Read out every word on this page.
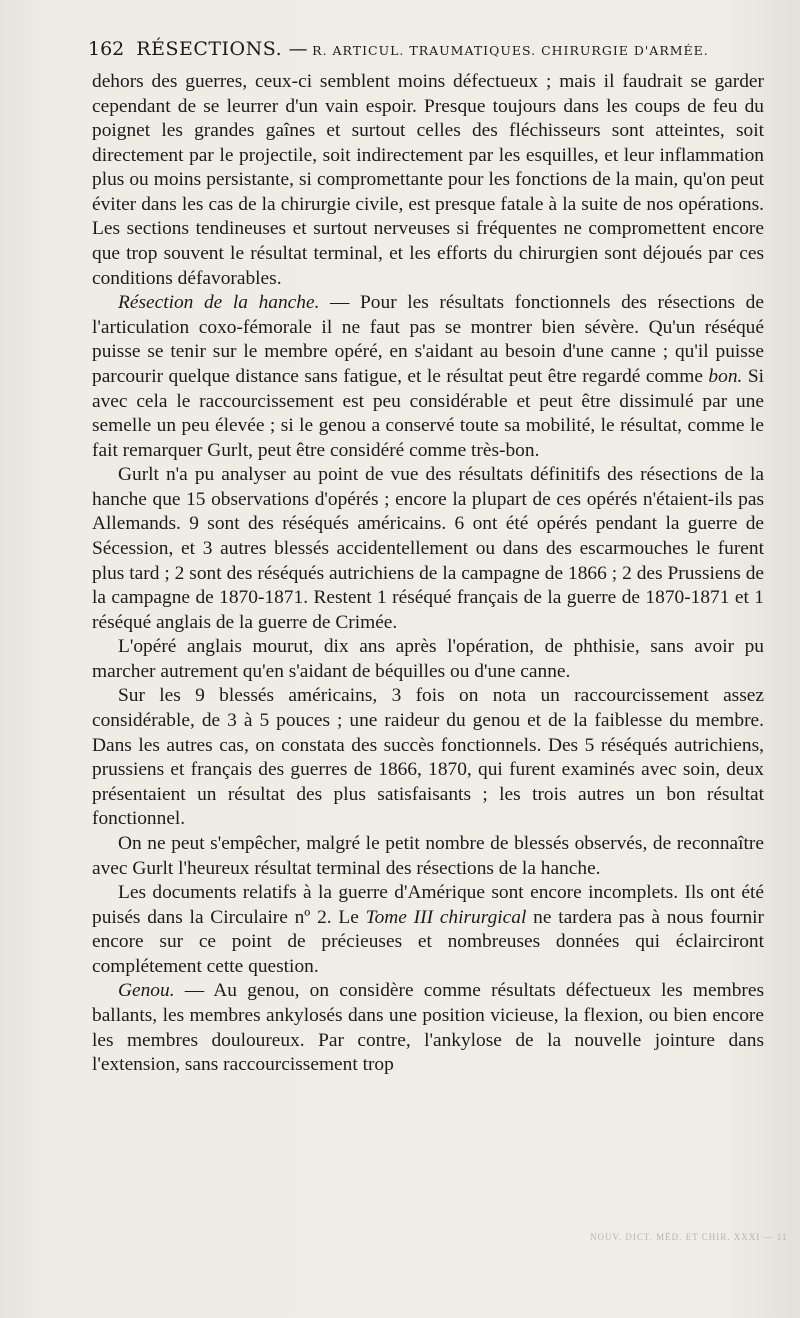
162 RÉSECTIONS. — R. ARTICUL. TRAUMATIQUES. CHIRURGIE D'ARMÉE.

dehors des guerres, ceux-ci semblent moins défectueux ; mais il faudrait se garder cependant de se leurrer d'un vain espoir. Presque toujours dans les coups de feu du poignet les grandes gaînes et surtout celles des fléchisseurs sont atteintes, soit directement par le projectile, soit indirectement par les esquilles, et leur inflammation plus ou moins persistante, si compromettante pour les fonctions de la main, qu'on peut éviter dans les cas de la chirurgie civile, est presque fatale à la suite de nos opérations. Les sections tendineuses et surtout nerveuses si fréquentes ne compromettent encore que trop souvent le résultat terminal, et les efforts du chirurgien sont déjoués par ces conditions défavorables.

Résection de la hanche. — Pour les résultats fonctionnels des résections de l'articulation coxo-fémorale il ne faut pas se montrer bien sévère. Qu'un réséqué puisse se tenir sur le membre opéré, en s'aidant au besoin d'une canne ; qu'il puisse parcourir quelque distance sans fatigue, et le résultat peut être regardé comme bon. Si avec cela le raccourcissement est peu considérable et peut être dissimulé par une semelle un peu élevée ; si le genou a conservé toute sa mobilité, le résultat, comme le fait remarquer Gurlt, peut être considéré comme très-bon.

Gurlt n'a pu analyser au point de vue des résultats définitifs des résections de la hanche que 15 observations d'opérés ; encore la plupart de ces opérés n'étaient-ils pas Allemands. 9 sont des réséqués américains. 6 ont été opérés pendant la guerre de Sécession, et 3 autres blessés accidentellement ou dans des escarmouches le furent plus tard ; 2 sont des réséqués autrichiens de la campagne de 1866 ; 2 des Prussiens de la campagne de 1870-1871. Restent 1 réséqué français de la guerre de 1870-1871 et 1 réséqué anglais de la guerre de Crimée.

L'opéré anglais mourut, dix ans après l'opération, de phthisie, sans avoir pu marcher autrement qu'en s'aidant de béquilles ou d'une canne.

Sur les 9 blessés américains, 3 fois on nota un raccourcissement assez considérable, de 3 à 5 pouces ; une raideur du genou et de la faiblesse du membre. Dans les autres cas, on constata des succès fonctionnels. Des 5 réséqués autrichiens, prussiens et français des guerres de 1866, 1870, qui furent examinés avec soin, deux présentaient un résultat des plus satisfaisants ; les trois autres un bon résultat fonctionnel.

On ne peut s'empêcher, malgré le petit nombre de blessés observés, de reconnaître avec Gurlt l'heureux résultat terminal des résections de la hanche.

Les documents relatifs à la guerre d'Amérique sont encore incomplets. Ils ont été puisés dans la Circulaire nº 2. Le Tome III chirurgical ne tardera pas à nous fournir encore sur ce point de précieuses et nombreuses données qui éclairciront complétement cette question.

Genou. — Au genou, on considère comme résultats défectueux les membres ballants, les membres ankylosés dans une position vicieuse, la flexion, ou bien encore les membres douloureux. Par contre, l'ankylose de la nouvelle jointure dans l'extension, sans raccourcissement trop

NOUV. DICT. MÉD. ET CHIR. XXXI — 11
